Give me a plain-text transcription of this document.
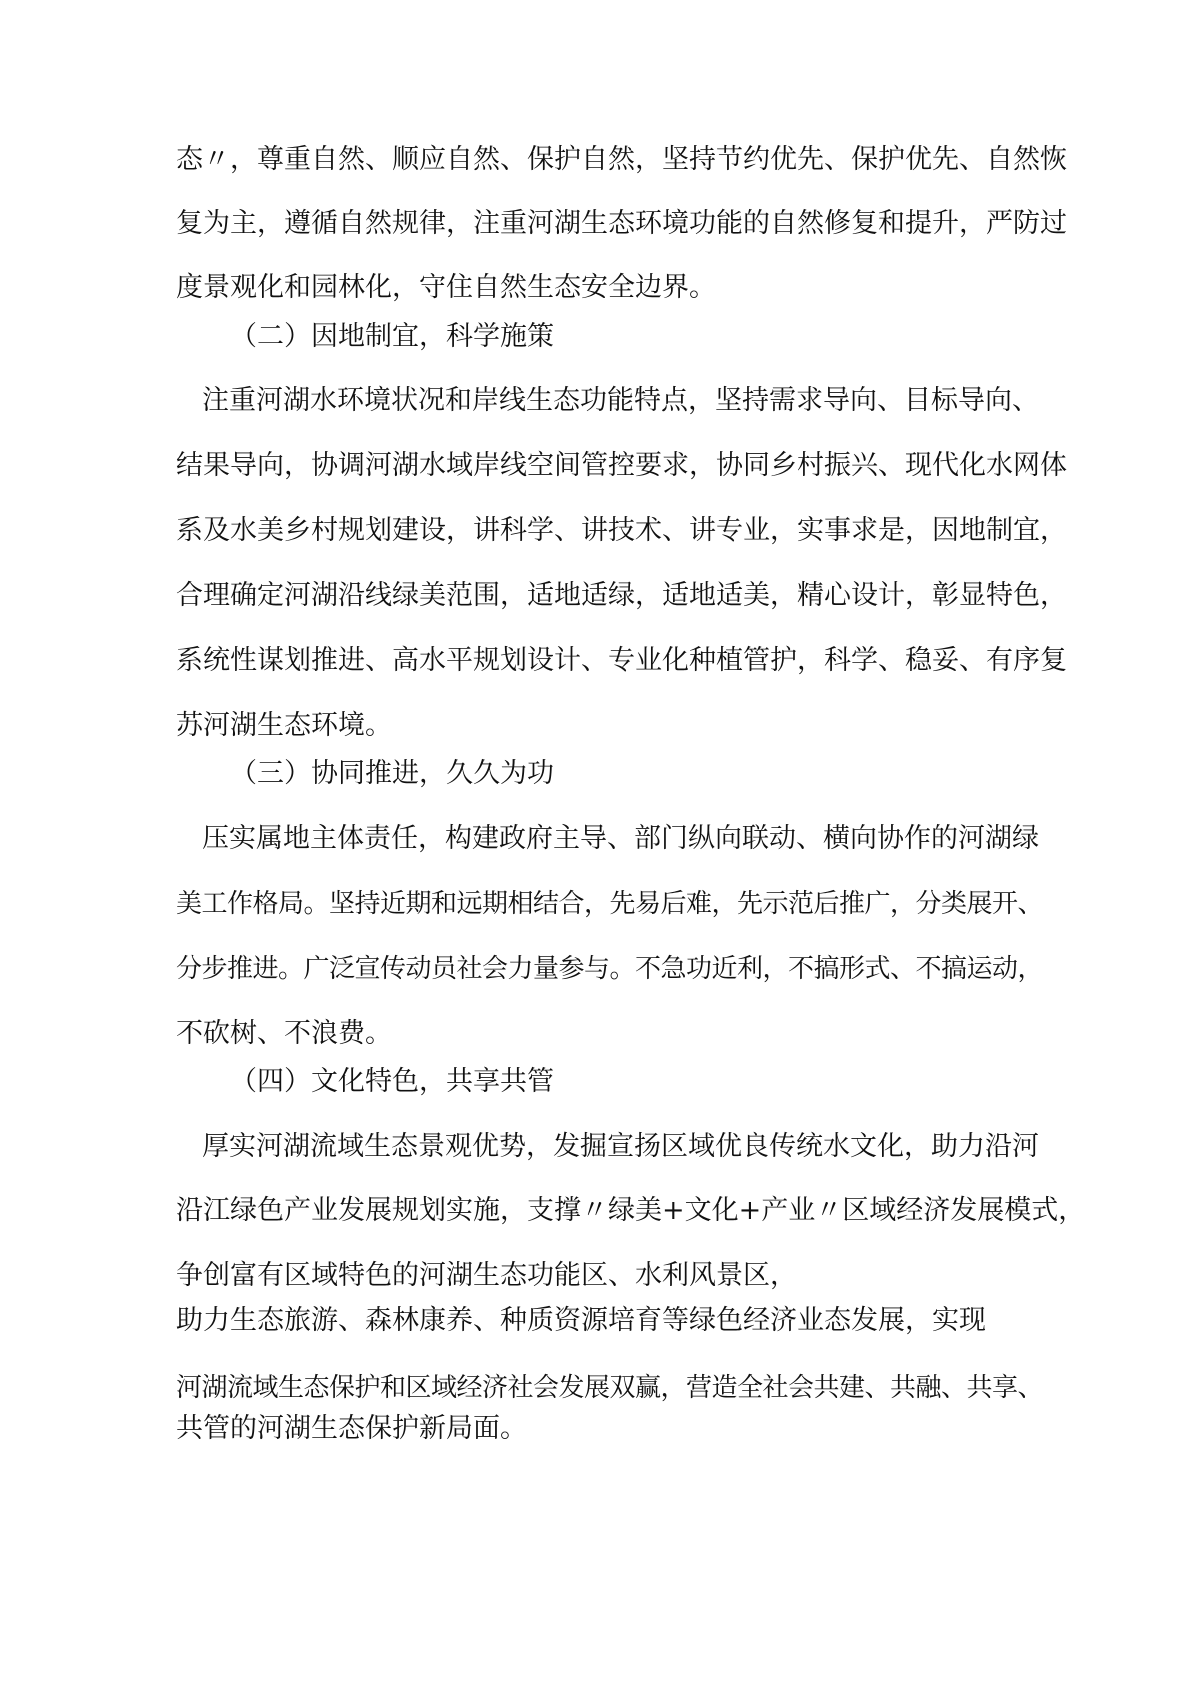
态〃，尊重自然、顺应自然、保护自然，坚持节约优先、保护优先、自然恢

复为主，遵循自然规律，注重河湖生态环境功能的自然修复和提升，严防过

度景观化和园林化，守住自然生态安全边界。

（二）因地制宜，科学施策

注重河湖水环境状况和岸线生态功能特点，坚持需求导向、目标导向、

结果导向，协调河湖水域岸线空间管控要求，协同乡村振兴、现代化水网体

系及水美乡村规划建设，讲科学、讲技术、讲专业，实事求是，因地制宜，

合理确定河湖沿线绿美范围，适地适绿，适地适美，精心设计，彰显特色，

系统性谋划推进、高水平规划设计、专业化种植管护，科学、稳妥、有序复

苏河湖生态环境。

（三）协同推进，久久为功

压实属地主体责任，构建政府主导、部门纵向联动、横向协作的河湖绿

美工作格局。坚持近期和远期相结合，先易后难，先示范后推广，分类展开、

分步推进。广泛宣传动员社会力量参与。不急功近利，不搞形式、不搞运动，

不砍树、不浪费。

（四）文化特色，共享共管

厚实河湖流域生态景观优势，发掘宣扬区域优良传统水文化，助力沿河

沿江绿色产业发展规划实施，支撑〃绿美+文化+产业〃区域经济发展模式，

争创富有区域特色的河湖生态功能区、水利风景区，

助力生态旅游、森林康养、种质资源培育等绿色经济业态发展，实现

河湖流域生态保护和区域经济社会发展双赢，营造全社会共建、共融、共享、

共管的河湖生态保护新局面。
